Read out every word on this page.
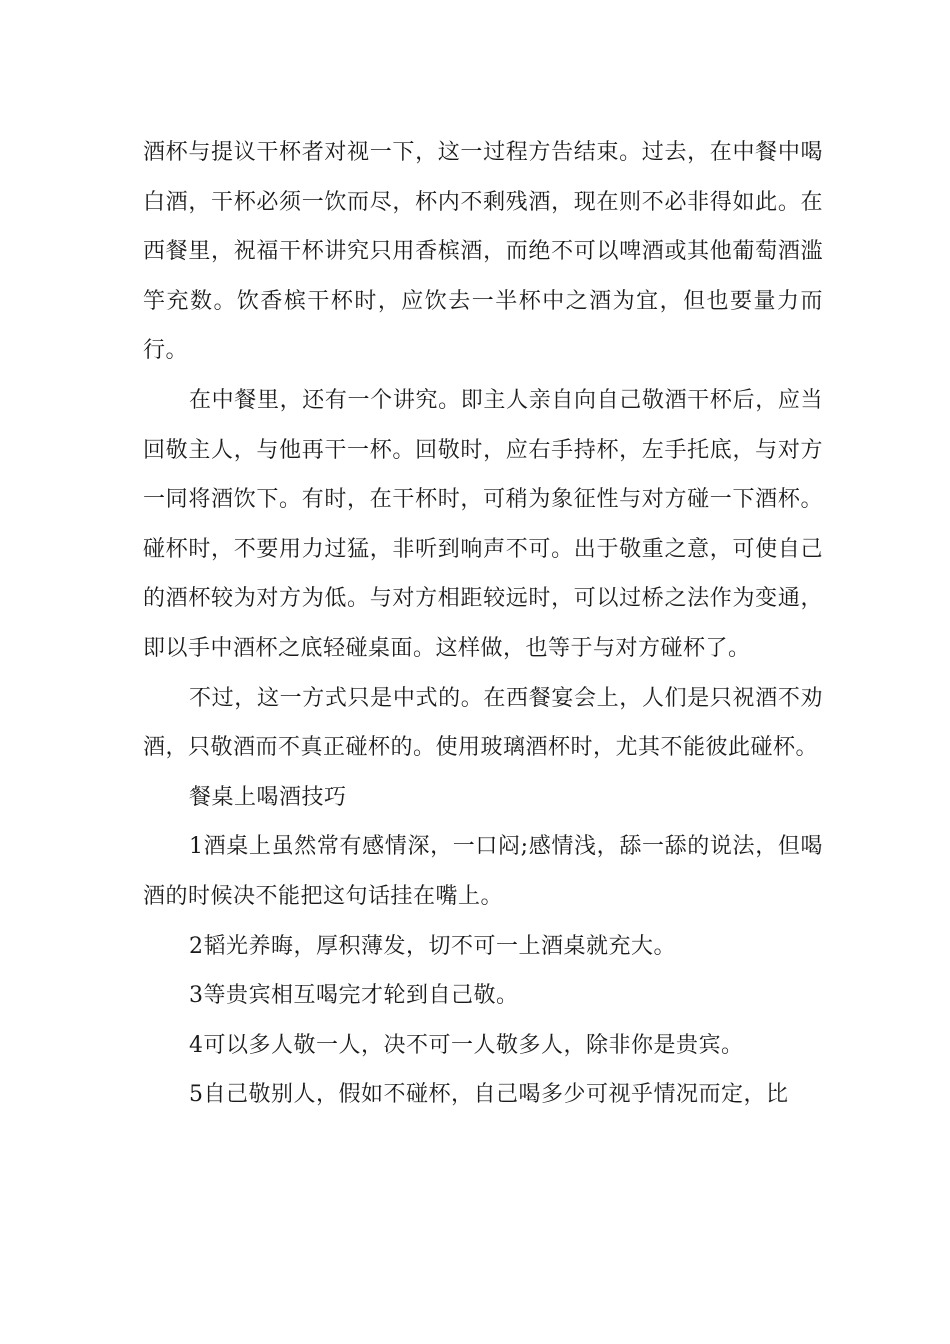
酒杯与提议干杯者对视一下，这一过程方告结束。过去，在中餐中喝白酒，干杯必须一饮而尽，杯内不剩残酒，现在则不必非得如此。在西餐里，祝福干杯讲究只用香槟酒，而绝不可以啤酒或其他葡萄酒滥竽充数。饮香槟干杯时，应饮去一半杯中之酒为宜，但也要量力而行。

在中餐里，还有一个讲究。即主人亲自向自己敬酒干杯后，应当回敬主人，与他再干一杯。回敬时，应右手持杯，左手托底，与对方一同将酒饮下。有时，在干杯时，可稍为象征性与对方碰一下酒杯。碰杯时，不要用力过猛，非听到响声不可。出于敬重之意，可使自己的酒杯较为对方为低。与对方相距较远时，可以过桥之法作为变通，即以手中酒杯之底轻碰桌面。这样做，也等于与对方碰杯了。

不过，这一方式只是中式的。在西餐宴会上，人们是只祝酒不劝酒，只敬酒而不真正碰杯的。使用玻璃酒杯时，尤其不能彼此碰杯。

餐桌上喝酒技巧

1酒桌上虽然常有感情深，一口闷;感情浅，舔一舔的说法，但喝酒的时候决不能把这句话挂在嘴上。

2韬光养晦，厚积薄发，切不可一上酒桌就充大。

3等贵宾相互喝完才轮到自己敬。

4可以多人敬一人，决不可一人敬多人，除非你是贵宾。

5自己敬别人，假如不碰杯，自己喝多少可视乎情况而定，比
